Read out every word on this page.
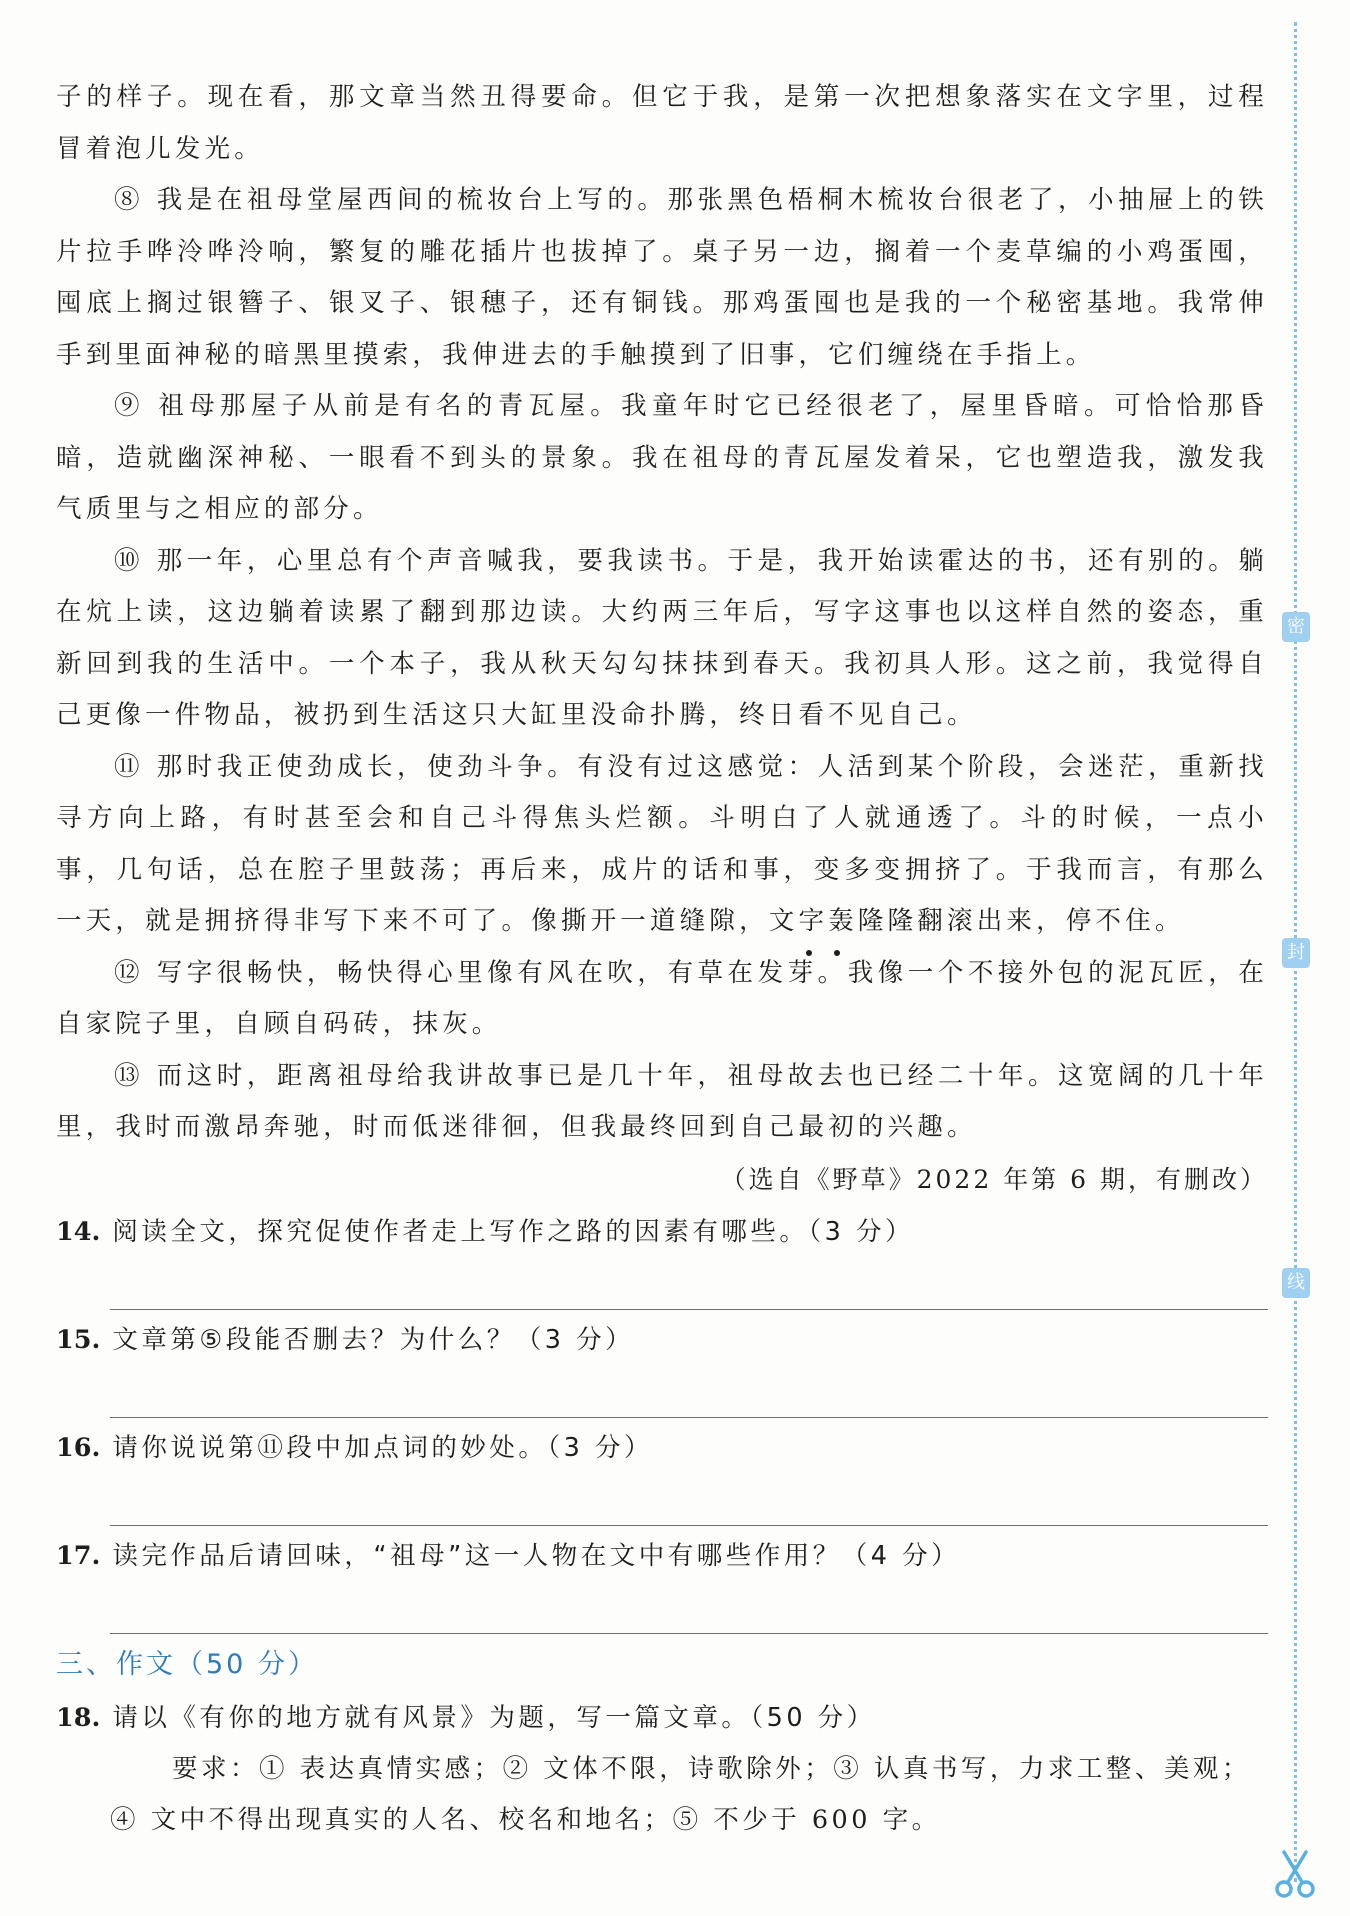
子的样子。现在看，那文章当然丑得要命。但它于我，是第一次把想象落实在文字里，过程冒着泡儿发光。

⑧ 我是在祖母堂屋西间的梳妆台上写的。那张黑色梧桐木梳妆台很老了，小抽屉上的铁片拉手哗泠哗泠响，繁复的雕花插片也拔掉了。桌子另一边，搁着一个麦草编的小鸡蛋囤，囤底上搁过银簪子、银叉子、银穗子，还有铜钱。那鸡蛋囤也是我的一个秘密基地。我常伸手到里面神秘的暗黑里摸索，我伸进去的手触摸到了旧事，它们缠绕在手指上。

⑨ 祖母那屋子从前是有名的青瓦屋。我童年时它已经很老了，屋里昏暗。可恰恰那昏暗，造就幽深神秘、一眼看不到头的景象。我在祖母的青瓦屋发着呆，它也塑造我，激发我气质里与之相应的部分。

⑩ 那一年，心里总有个声音喊我，要我读书。于是，我开始读霍达的书，还有别的。躺在炕上读，这边躺着读累了翻到那边读。大约两三年后，写字这事也以这样自然的姿态，重新回到我的生活中。一个本子，我从秋天勾勾抹抹到春天。我初具人形。这之前，我觉得自己更像一件物品，被扔到生活这只大缸里没命扑腾，终日看不见自己。

⑪ 那时我正使劲成长，使劲斗争。有没有过这感觉：人活到某个阶段，会迷茫，重新找寻方向上路，有时甚至会和自己斗得焦头烂额。斗明白了人就通透了。斗的时候，一点小事，几句话，总在腔子里鼓荡；再后来，成片的话和事，变多变拥挤了。于我而言，有那么一天，就是拥挤得非写下来不可了。像撕开一道缝隙，文字轰隆隆翻滚出来，停不住。

⑫ 写字很畅快，畅快得心里像有风在吹，有草在发芽。我像一个不接外包的泥瓦匠，在自家院子里，自顾自码砖，抹灰。

⑬ 而这时，距离祖母给我讲故事已是几十年，祖母故去也已经二十年。这宽阔的几十年里，我时而激昂奔驰，时而低迷徘徊，但我最终回到自己最初的兴趣。

（选自《野草》2022 年第 6 期，有删改）

14. 阅读全文，探究促使作者走上写作之路的因素有哪些。（3 分）

15. 文章第⑤段能否删去？为什么？（3 分）

16. 请你说说第⑪段中加点词的妙处。（3 分）

17. 读完作品后请回味，“祖母”这一人物在文中有哪些作用？（4 分）

三、作文（50 分）

18. 请以《有你的地方就有风景》为题，写一篇文章。（50 分）

要求：① 表达真情实感；② 文体不限，诗歌除外；③ 认真书写，力求工整、美观；

④ 文中不得出现真实的人名、校名和地名；⑤ 不少于 600 字。

密
封
线
